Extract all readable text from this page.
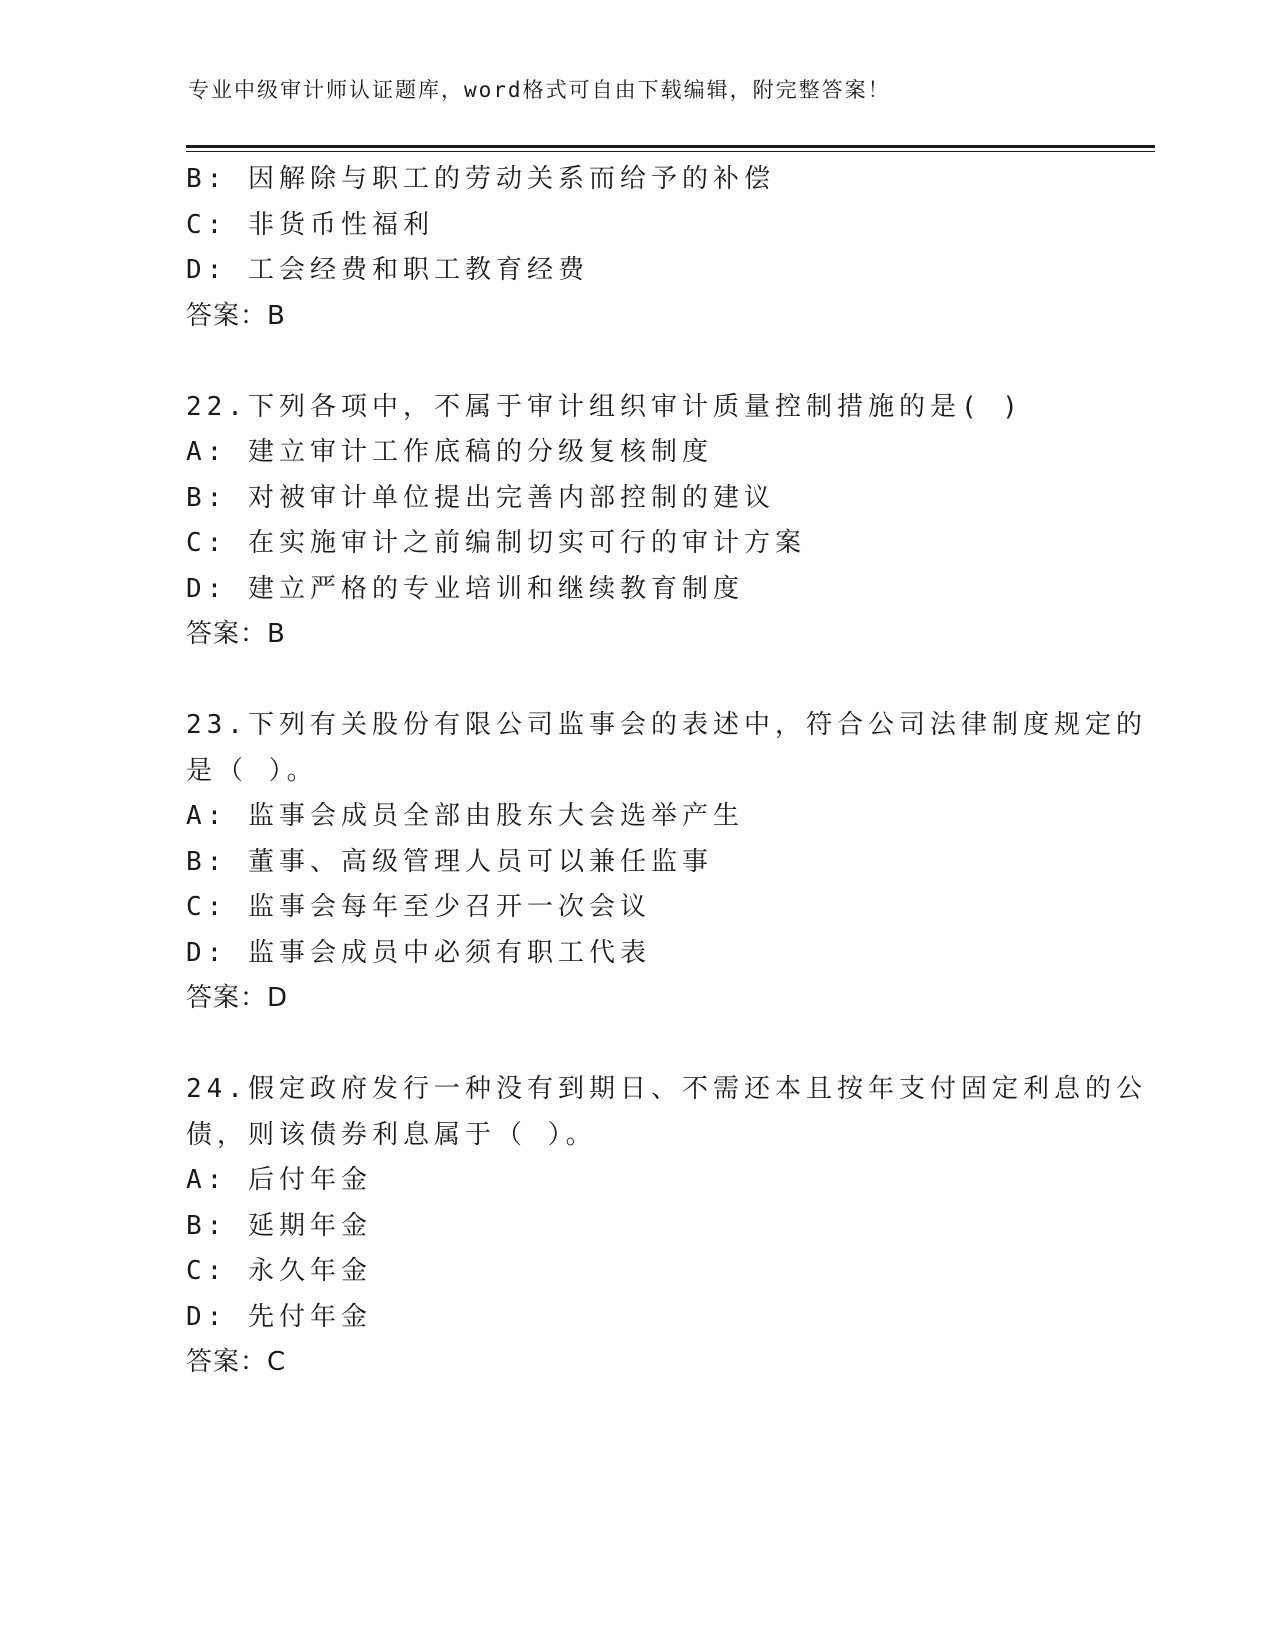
专业中级审计师认证题库，word格式可自由下载编辑，附完整答案！
B: 因解除与职工的劳动关系而给予的补偿
C: 非货币性福利
D: 工会经费和职工教育经费
答案：B
22.下列各项中，不属于审计组织审计质量控制措施的是( )
A: 建立审计工作底稿的分级复核制度
B: 对被审计单位提出完善内部控制的建议
C: 在实施审计之前编制切实可行的审计方案
D: 建立严格的专业培训和继续教育制度
答案：B
23.下列有关股份有限公司监事会的表述中，符合公司法律制度规定的
是（ ）。
A: 监事会成员全部由股东大会选举产生
B: 董事、高级管理人员可以兼任监事
C: 监事会每年至少召开一次会议
D: 监事会成员中必须有职工代表
答案：D
24.假定政府发行一种没有到期日、不需还本且按年支付固定利息的公
债，则该债券利息属于（ ）。
A: 后付年金
B: 延期年金
C: 永久年金
D: 先付年金
答案：C
